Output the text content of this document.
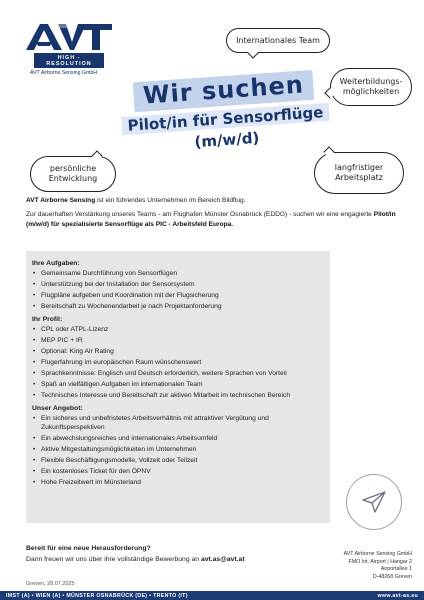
HIGH - RESOLUTION
AVT Airborne Sensing GmbH
Internationales Team
Weiterbildungs-
möglichkeiten
persönliche
Entwicklung
langfristiger
Arbeitsplatz
Wir suchen
Pilot/in für Sensorflüge
(m/w/d)

AVT Airborne Sensing ist ein führendes Unternehmen im Bereich Bildflug.

Zur dauerhaften Verstärkung unseres Teams - am Flughafen Münster Osnabrück (EDDG) - suchen wir eine engagierte Pilot/in (m/w/d) für spezialisierte Sensorflüge als PIC - Arbeitsfeld Europa.

Ihre Aufgaben:
• Gemeinsame Durchführung von Sensorflügen
• Unterstützung bei der Installation der Sensorsystem
• Flugpläne aufgeben und Koordination mit der Flugsicherung
• Bereitschaft zu Wochenendarbeit je nach Projektanforderung
Ihr Profil:
• CPL oder ATPL-Lizenz
• MEP PIC + IR
• Optional: King Air Rating
• Flugerfahrung im europäischen Raum wünschenswert
• Sprachkenntnisse: Englisch und Deutsch erforderlich, weitere Sprachen von Vorteil
• Spaß an vielfältigen Aufgaben im internationalen Team
• Technisches Interesse und Bereitschaft zur aktiven Mitarbeit im technischen Bereich
Unser Angebot:
• Ein sicheres und unbefristetes Arbeitsverhältnis mit attraktiver Vergütung und Zukunftsperspektiven
• Ein abwechslungsreiches und internationales Arbeitsumfeld
• Aktive Mitgestaltungsmöglichkeiten im Unternehmen
• Flexible Beschäftigungsmodelle, Vollzeit oder Teilzeit
• Ein kostenloses Ticket für den ÖPNV
• Hohe Freizeitwert im Münsterland
Bereit für eine neue Herausforderung?
Dann freuen wir uns über ihre vollständige Bewerbung an avt.as@avt.at
Greven, 28.07.2025
AVT Airborne Sensing GmbH
FMO Int. Airport | Hangar 2
Airportallee 1
D-48268 Greven
IMST (A) • WIEN (A) • MÜNSTER OSNABRÜCK (DE) • TRENTO (IT)	www.avt-as.eu
